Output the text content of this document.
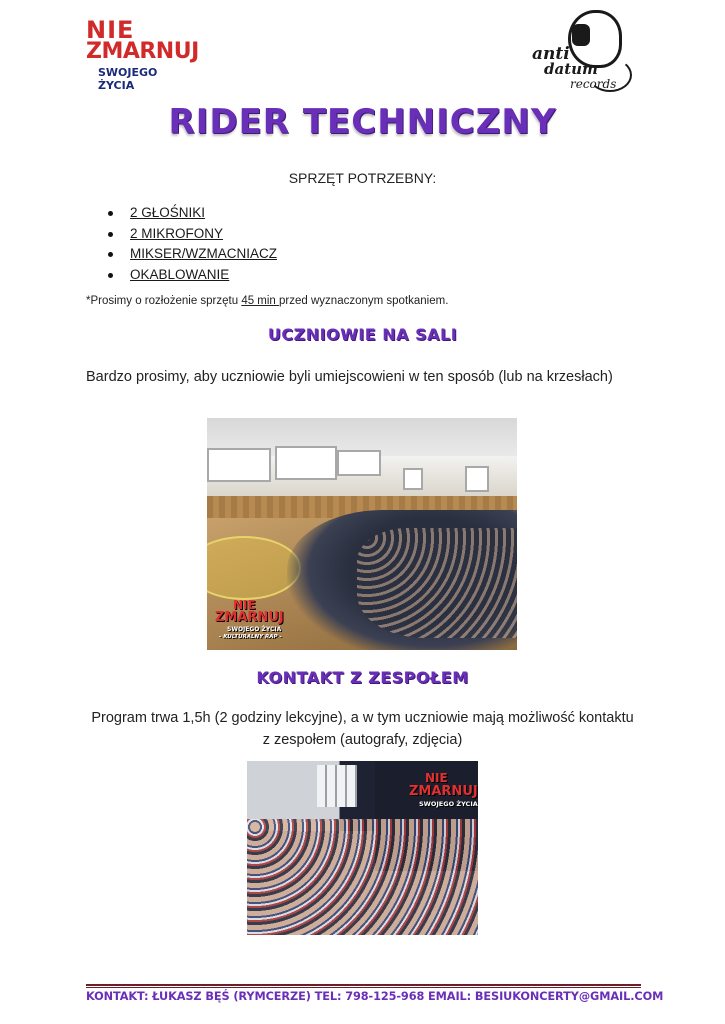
NIE
ZMARNUJ
SWOJEGO ŻYCIA
anti
datum
records
RIDER TECHNICZNY
SPRZĘT POTRZEBNY:
2 GŁOŚNIKI
2 MIKROFONY
MIKSER/WZMACNIACZ
OKABLOWANIE
*Prosimy o rozłożenie sprzętu 45 min przed wyznaczonym spotkaniem.
UCZNIOWIE NA SALI
Bardzo prosimy, aby uczniowie byli umiejscowieni w ten sposób (lub na krzesłach)
NIE
ZMARNUJ
SWOJEGO ŻYCIA
- KULTURALNY RAP -
KONTAKT Z ZESPOŁEM
Program trwa 1,5h (2 godziny lekcyjne), a w tym uczniowie mają możliwość kontaktu z zespołem (autografy, zdjęcia)
NIE
ZMARNUJ
SWOJEGO ŻYCIA
KONTAKT: ŁUKASZ BĘŚ (RYMCERZE) TEL: 798-125-968 EMAIL: BESIUKONCERTY@GMAIL.COM
